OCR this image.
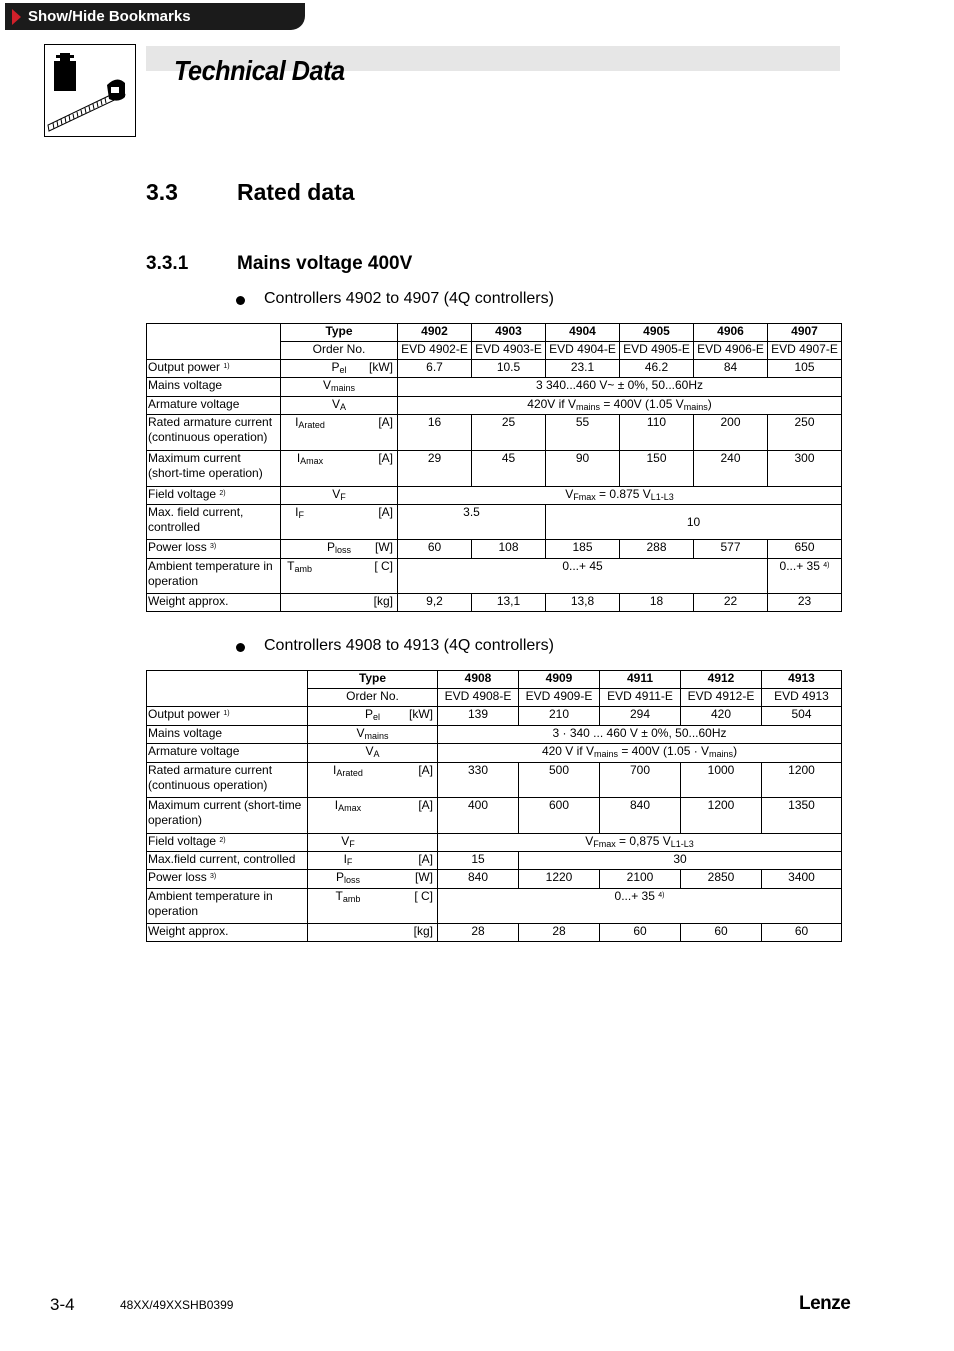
Show/Hide Bookmarks
Technical Data
3.3	Rated data
3.3.1	Mains voltage 400V
Controllers 4902 to 4907 (4Q controllers)
	Type	4902	4903	4904	4905	4906	4907
	Order No.	EVD 4902-E	EVD 4903-E	EVD 4904-E	EVD 4905-E	EVD 4906-E	EVD 4907-E
Output power $^{1)}$	$P_{el}$ [kW]	6.7	10.5	23.1	46.2	84	105
Mains voltage	$V_{mains}$	3 340...460 V~ ± 0%, 50...60Hz					
Armature voltage	$V_A$	420V if $V_{mains} = 400V$ (1.05 $V_{mains}$)					
Rated armature current
(continuous operation)	$I_{Arated}$ [A]	16	25	55	110	200	250
Maximum current
(short-time operation)	$I_{Amax}$ [A]	29	45	90	150	240	300
Field voltage $^{2)}$	$V_F$	$V_{Fmax} = 0.875$ $V_{L1-L3}$
Max. field current,
controlled	$I_F$ [A]	3.5		10			
Power loss $^{3)}$	$P_{loss}$ [W]	60	108	185	288	577	650
Ambient temperature in
operation	$T_{amb}$ [ C]	0...+ 45					0...+ 35 $^{4)}$
Weight approx.	[kg]	9,2	13,1	13,8	18	22	23
Controllers 4908 to 4913 (4Q controllers)
	Type	4908	4909	4911	4912	4913
	Order No.	EVD 4908-E	EVD 4909-E	EVD 4911-E	EVD 4912-E	EVD 4913
Output power $^{1)}$	$P_{el}$ [kW]	139	210	294	420	504
Mains voltage	$V_{mains}$	3 · 340 ... 460 V ± 0%, 50...60Hz				
Armature voltage	$V_A$	420 V if $V_{mains} = 400V$ $(1.05 \cdot V_{mains})$				
Rated armature current
(continuous operation)	$I_{Arated}$ [A]	330	500	700	1000	1200
Maximum current (short-time
operation)	$I_{Amax}$ [A]	400	600	840	1200	1350
Field voltage $^{2)}$	$V_F$	$V_{Fmax} = 0,875$ $V_{L1-L3}$
Max.field current, controlled	$I_F$ [A]	15	30			
Power loss $^{3)}$	$P_{loss}$ [W]	840	1220	2100	2850	3400
Ambient temperature in
operation	$T_{amb}$ [ C]	0...+ 35 $^{4)}$
Weight approx.	[kg]	28	28	60	60	60
3-4	48XX/49XXSHB0399	Lenze
